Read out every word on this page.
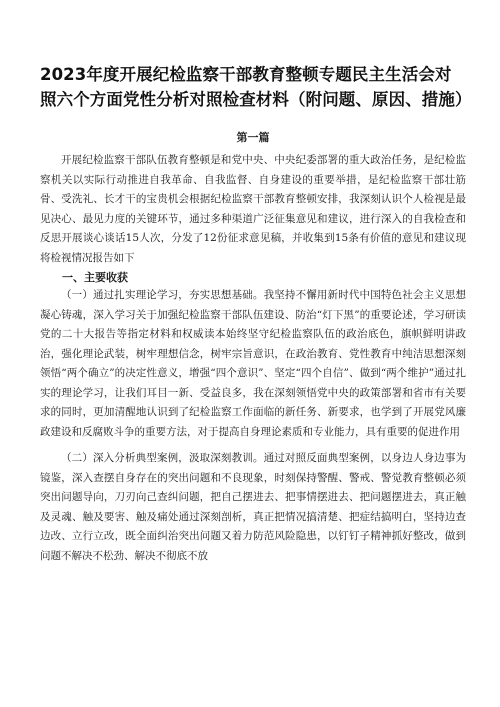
2023年度开展纪检监察干部教育整顿专题民主生活会对照六个方面党性分析对照检查材料（附问题、原因、措施）
第一篇

开展纪检监察干部队伍教育整顿是和党中央、中央纪委部署的重大政治任务，是纪检监察机关以实际行动推进自我革命、自我监督、自身建设的重要举措，是纪检监察干部壮筋骨、受洗礼、长才干的宝贵机会根据纪检监察干部教育整顿安排，我深刻认识个人检视是最见决心、最见力度的关键环节，通过多种渠道广泛征集意见和建议，进行深入的自我检查和反思开展谈心谈话15人次，分发了12份征求意见稿，并收集到15条有价值的意见和建议现将检视情况报告如下

一、主要收获

（一）通过扎实理论学习，夯实思想基础。我坚持不懈用新时代中国特色社会主义思想凝心铸魂，深入学习关于加强纪检监察干部队伍建设、防治“灯下黑”的重要论述，学习研读党的二十大报告等指定材料和权威读本始终坚守纪检监察队伍的政治底色，旗帜鲜明讲政治，强化理论武装，树牢理想信念，树牢宗旨意识，在政治教育、党性教育中纯洁思想深刻领悟“两个确立”的决定性意义，增强“四个意识”、坚定“四个自信”、做到“两个维护”通过扎实的理论学习，让我们耳目一新、受益良多，我在深刻领悟党中央的政策部署和省市有关要求的同时，更加清醒地认识到了纪检监察工作面临的新任务、新要求，也学到了开展党风廉政建设和反腐败斗争的重要方法，对于提高自身理论素质和专业能力，具有重要的促进作用

（二）深入分析典型案例，汲取深刻教训。通过对照反面典型案例，以身边人身边事为镜鉴，深入查摆自身存在的突出问题和不良现象，时刻保持警醒、警戒、警觉教育整顿必须突出问题导向，刀刃向己查纠问题，把自己摆进去、把事情摆进去、把问题摆进去，真正触及灵魂、触及要害、触及痛处通过深刻剖析，真正把情况搞清楚、把症结搞明白，坚持边查边改、立行立改，既全面纠治突出问题又着力防范风险隐患，以钉钉子精神抓好整改，做到问题不解决不松劲、解决不彻底不放
